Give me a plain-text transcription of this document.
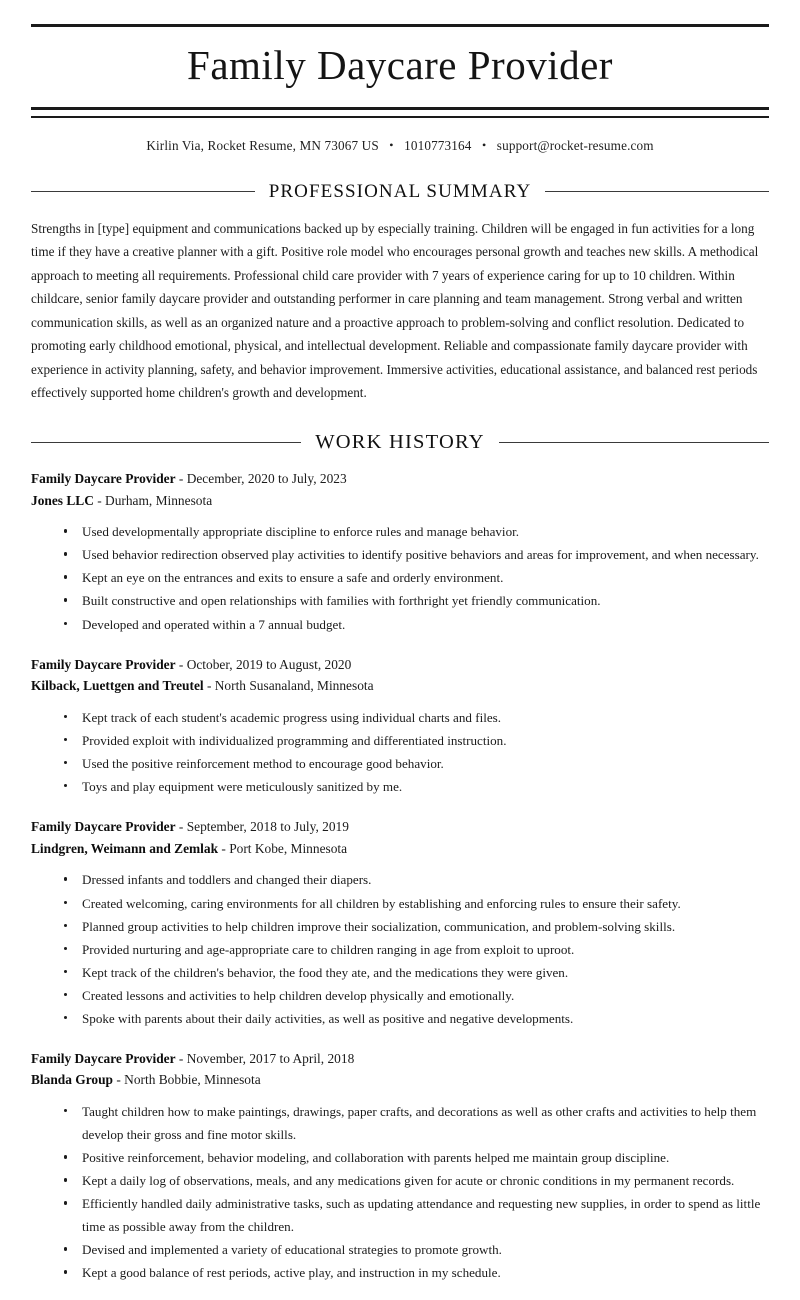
Family Daycare Provider
Kirlin Via, Rocket Resume, MN 73067 US • 1010773164 • support@rocket-resume.com
PROFESSIONAL SUMMARY

Strengths in [type] equipment and communications backed up by especially training. Children will be engaged in fun activities for a long time if they have a creative planner with a gift. Positive role model who encourages personal growth and teaches new skills. A methodical approach to meeting all requirements. Professional child care provider with 7 years of experience caring for up to 10 children. Within childcare, senior family daycare provider and outstanding performer in care planning and team management. Strong verbal and written communication skills, as well as an organized nature and a proactive approach to problem-solving and conflict resolution. Dedicated to promoting early childhood emotional, physical, and intellectual development. Reliable and compassionate family daycare provider with experience in activity planning, safety, and behavior improvement. Immersive activities, educational assistance, and balanced rest periods effectively supported home children's growth and development.

WORK HISTORY
Family Daycare Provider - December, 2020 to July, 2023
Jones LLC - Durham, Minnesota
Used developmentally appropriate discipline to enforce rules and manage behavior.
Used behavior redirection observed play activities to identify positive behaviors and areas for improvement, and when necessary.
Kept an eye on the entrances and exits to ensure a safe and orderly environment.
Built constructive and open relationships with families with forthright yet friendly communication.
Developed and operated within a 7 annual budget.
Family Daycare Provider - October, 2019 to August, 2020
Kilback, Luettgen and Treutel - North Susanaland, Minnesota
Kept track of each student's academic progress using individual charts and files.
Provided exploit with individualized programming and differentiated instruction.
Used the positive reinforcement method to encourage good behavior.
Toys and play equipment were meticulously sanitized by me.
Family Daycare Provider - September, 2018 to July, 2019
Lindgren, Weimann and Zemlak - Port Kobe, Minnesota
Dressed infants and toddlers and changed their diapers.
Created welcoming, caring environments for all children by establishing and enforcing rules to ensure their safety.
Planned group activities to help children improve their socialization, communication, and problem-solving skills.
Provided nurturing and age-appropriate care to children ranging in age from exploit to uproot.
Kept track of the children's behavior, the food they ate, and the medications they were given.
Created lessons and activities to help children develop physically and emotionally.
Spoke with parents about their daily activities, as well as positive and negative developments.
Family Daycare Provider - November, 2017 to April, 2018
Blanda Group - North Bobbie, Minnesota
Taught children how to make paintings, drawings, paper crafts, and decorations as well as other crafts and activities to help them develop their gross and fine motor skills.
Positive reinforcement, behavior modeling, and collaboration with parents helped me maintain group discipline.
Kept a daily log of observations, meals, and any medications given for acute or chronic conditions in my permanent records.
Efficiently handled daily administrative tasks, such as updating attendance and requesting new supplies, in order to spend as little time as possible away from the children.
Devised and implemented a variety of educational strategies to promote growth.
Kept a good balance of rest periods, active play, and instruction in my schedule.
